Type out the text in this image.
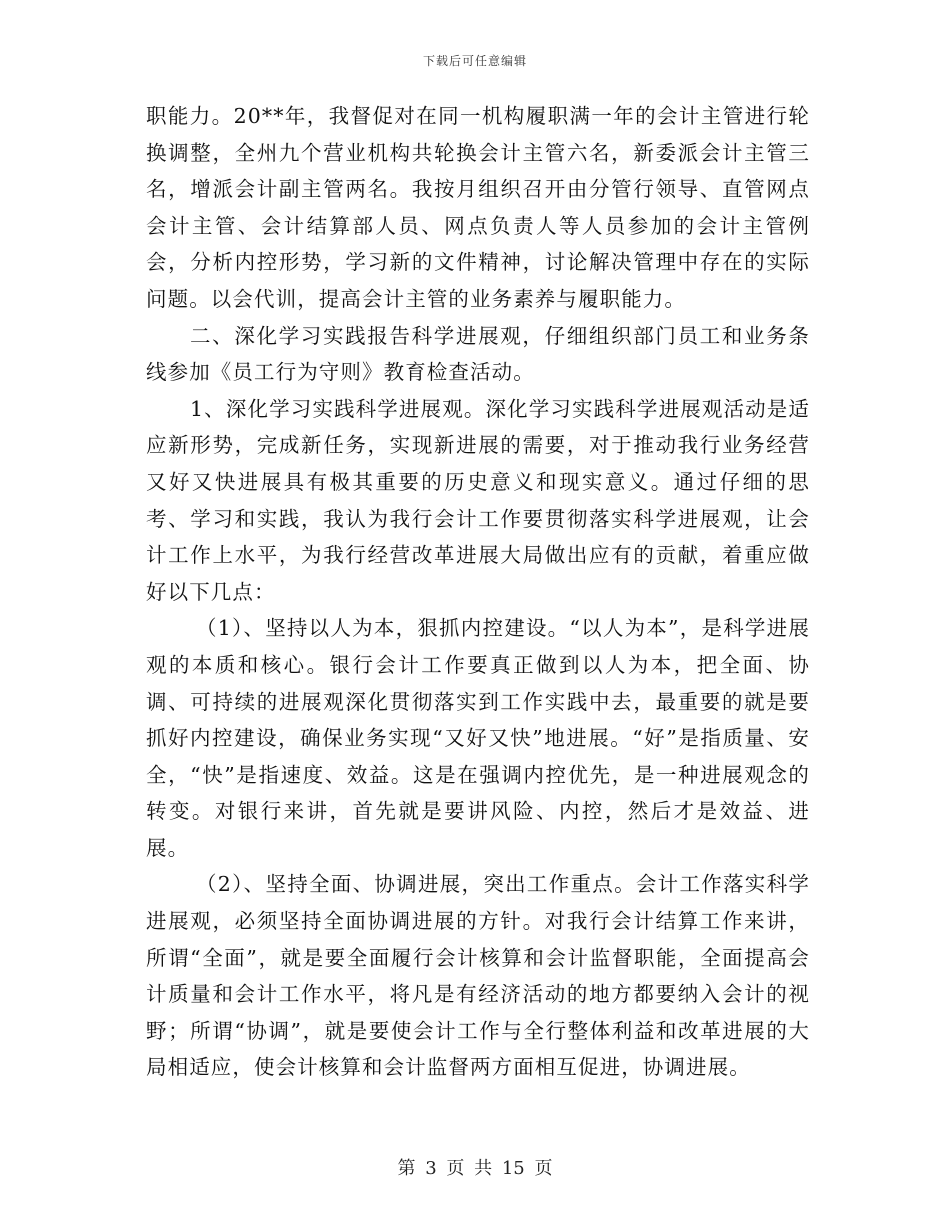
下载后可任意编辑

职能力。20**年，我督促对在同一机构履职满一年的会计主管进行轮换调整，全州九个营业机构共轮换会计主管六名，新委派会计主管三名，增派会计副主管两名。我按月组织召开由分管行领导、直管网点会计主管、会计结算部人员、网点负责人等人员参加的会计主管例会，分析内控形势，学习新的文件精神，讨论解决管理中存在的实际问题。以会代训，提高会计主管的业务素养与履职能力。

二、深化学习实践报告科学进展观，仔细组织部门员工和业务条线参加《员工行为守则》教育检查活动。

1、深化学习实践科学进展观。深化学习实践科学进展观活动是适应新形势，完成新任务，实现新进展的需要，对于推动我行业务经营又好又快进展具有极其重要的历史意义和现实意义。通过仔细的思考、学习和实践，我认为我行会计工作要贯彻落实科学进展观，让会计工作上水平，为我行经营改革进展大局做出应有的贡献，着重应做好以下几点：

（1）、坚持以人为本，狠抓内控建设。“以人为本”，是科学进展观的本质和核心。银行会计工作要真正做到以人为本，把全面、协调、可持续的进展观深化贯彻落实到工作实践中去，最重要的就是要抓好内控建设，确保业务实现“又好又快”地进展。“好”是指质量、安全，“快”是指速度、效益。这是在强调内控优先，是一种进展观念的转变。对银行来讲，首先就是要讲风险、内控，然后才是效益、进展。

（2）、坚持全面、协调进展，突出工作重点。会计工作落实科学进展观，必须坚持全面协调进展的方针。对我行会计结算工作来讲，所谓“全面”，就是要全面履行会计核算和会计监督职能，全面提高会计质量和会计工作水平，将凡是有经济活动的地方都要纳入会计的视野；所谓“协调”，就是要使会计工作与全行整体利益和改革进展的大局相适应，使会计核算和会计监督两方面相互促进，协调进展。

第 3 页 共 15 页
